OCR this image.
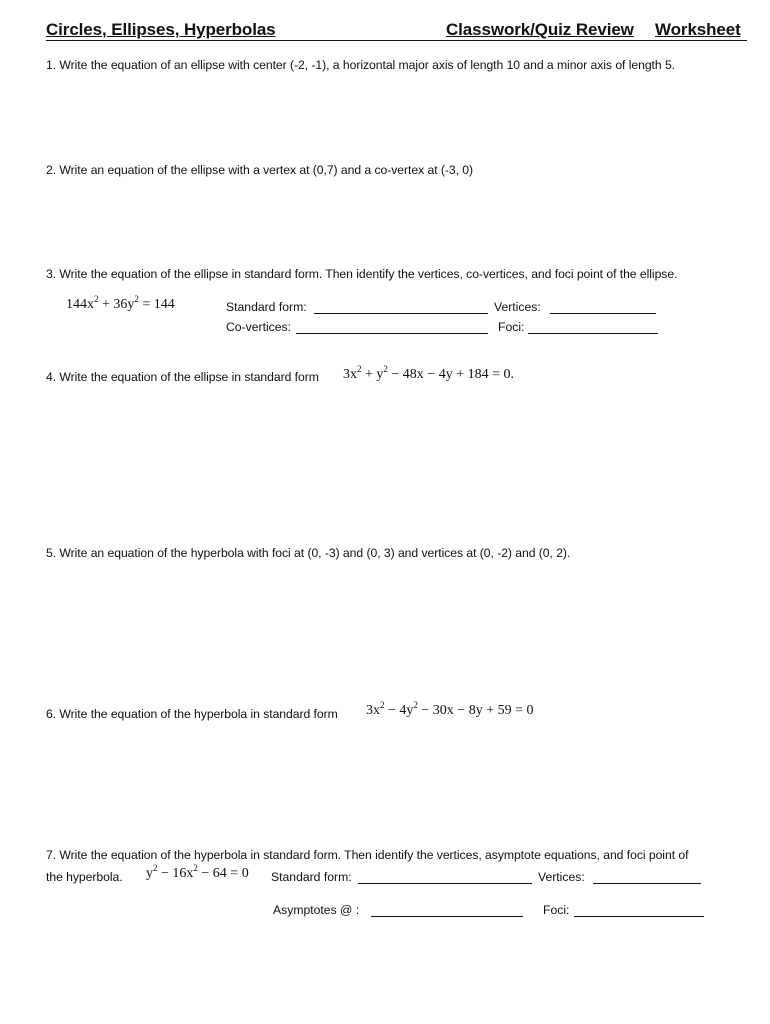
Circles, Ellipses, Hyperbolas	Classwork/Quiz Review Worksheet
1. Write the equation of an ellipse with center (-2, -1), a horizontal major axis of length 10 and a minor axis of length 5.
2. Write an equation of the ellipse with a vertex at (0,7) and a co-vertex at (-3, 0)
3. Write the equation of the ellipse in standard form. Then identify the vertices, co-vertices, and foci point of the ellipse.
$144x^2 + 36y^2 = 144$	Standard form:	Vertices:
Co-vertices:	Foci:
4. Write the equation of the ellipse in standard form $3x^2 + y^2 - 48x - 4y + 184 = 0$.
5. Write an equation of the hyperbola with foci at (0, -3) and (0, 3) and vertices at (0, -2) and (0, 2).
6. Write the equation of the hyperbola in standard form $3x^2 - 4y^2 - 30x - 8y + 59 = 0$
7. Write the equation of the hyperbola in standard form. Then identify the vertices, asymptote equations, and foci point of
the hyperbola. $y^2 - 16x^2 - 64 = 0$ Standard form:	Vertices:
Asymptotes @ :	Foci:
